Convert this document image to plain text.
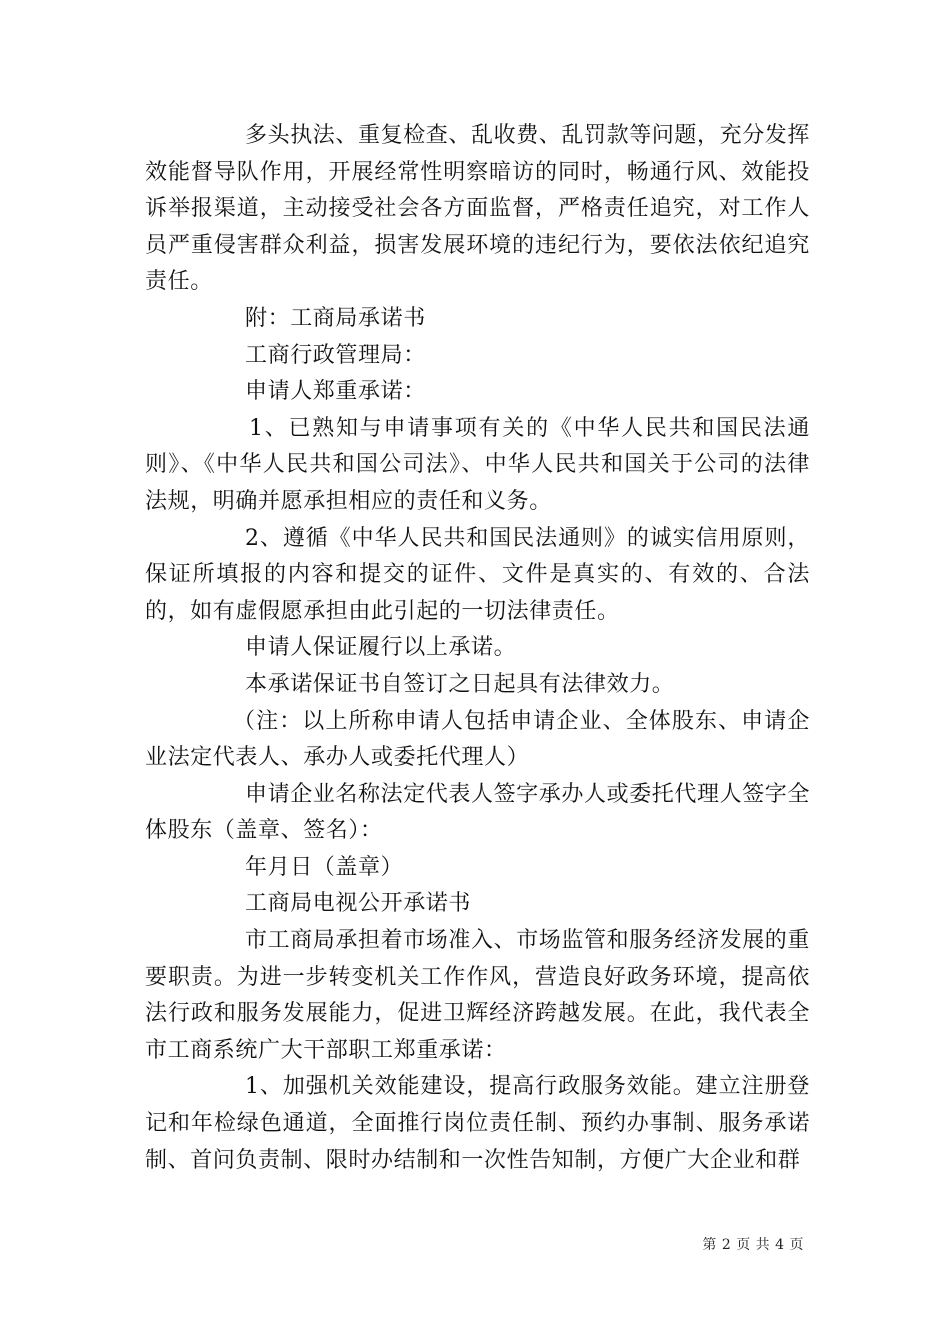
多头执法、重复检查、乱收费、乱罚款等问题，充分发挥效能督导队作用，开展经常性明察暗访的同时，畅通行风、效能投诉举报渠道，主动接受社会各方面监督，严格责任追究，对工作人员严重侵害群众利益，损害发展环境的违纪行为，要依法依纪追究责任。

附：工商局承诺书

工商行政管理局：

申请人郑重承诺：

1、已熟知与申请事项有关的《中华人民共和国民法通则》、《中华人民共和国公司法》、中华人民共和国关于公司的法律法规，明确并愿承担相应的责任和义务。

2、遵循《中华人民共和国民法通则》的诚实信用原则，保证所填报的内容和提交的证件、文件是真实的、有效的、合法的，如有虚假愿承担由此引起的一切法律责任。

申请人保证履行以上承诺。

本承诺保证书自签订之日起具有法律效力。

（注：以上所称申请人包括申请企业、全体股东、申请企业法定代表人、承办人或委托代理人）

申请企业名称法定代表人签字承办人或委托代理人签字全体股东（盖章、签名）：

年月日（盖章）

工商局电视公开承诺书

市工商局承担着市场准入、市场监管和服务经济发展的重要职责。为进一步转变机关工作作风，营造良好政务环境，提高依法行政和服务发展能力，促进卫辉经济跨越发展。在此，我代表全市工商系统广大干部职工郑重承诺：

1、加强机关效能建设，提高行政服务效能。建立注册登记和年检绿色通道，全面推行岗位责任制、预约办事制、服务承诺制、首问负责制、限时办结制和一次性告知制，方便广大企业和群

第 2 页 共 4 页
